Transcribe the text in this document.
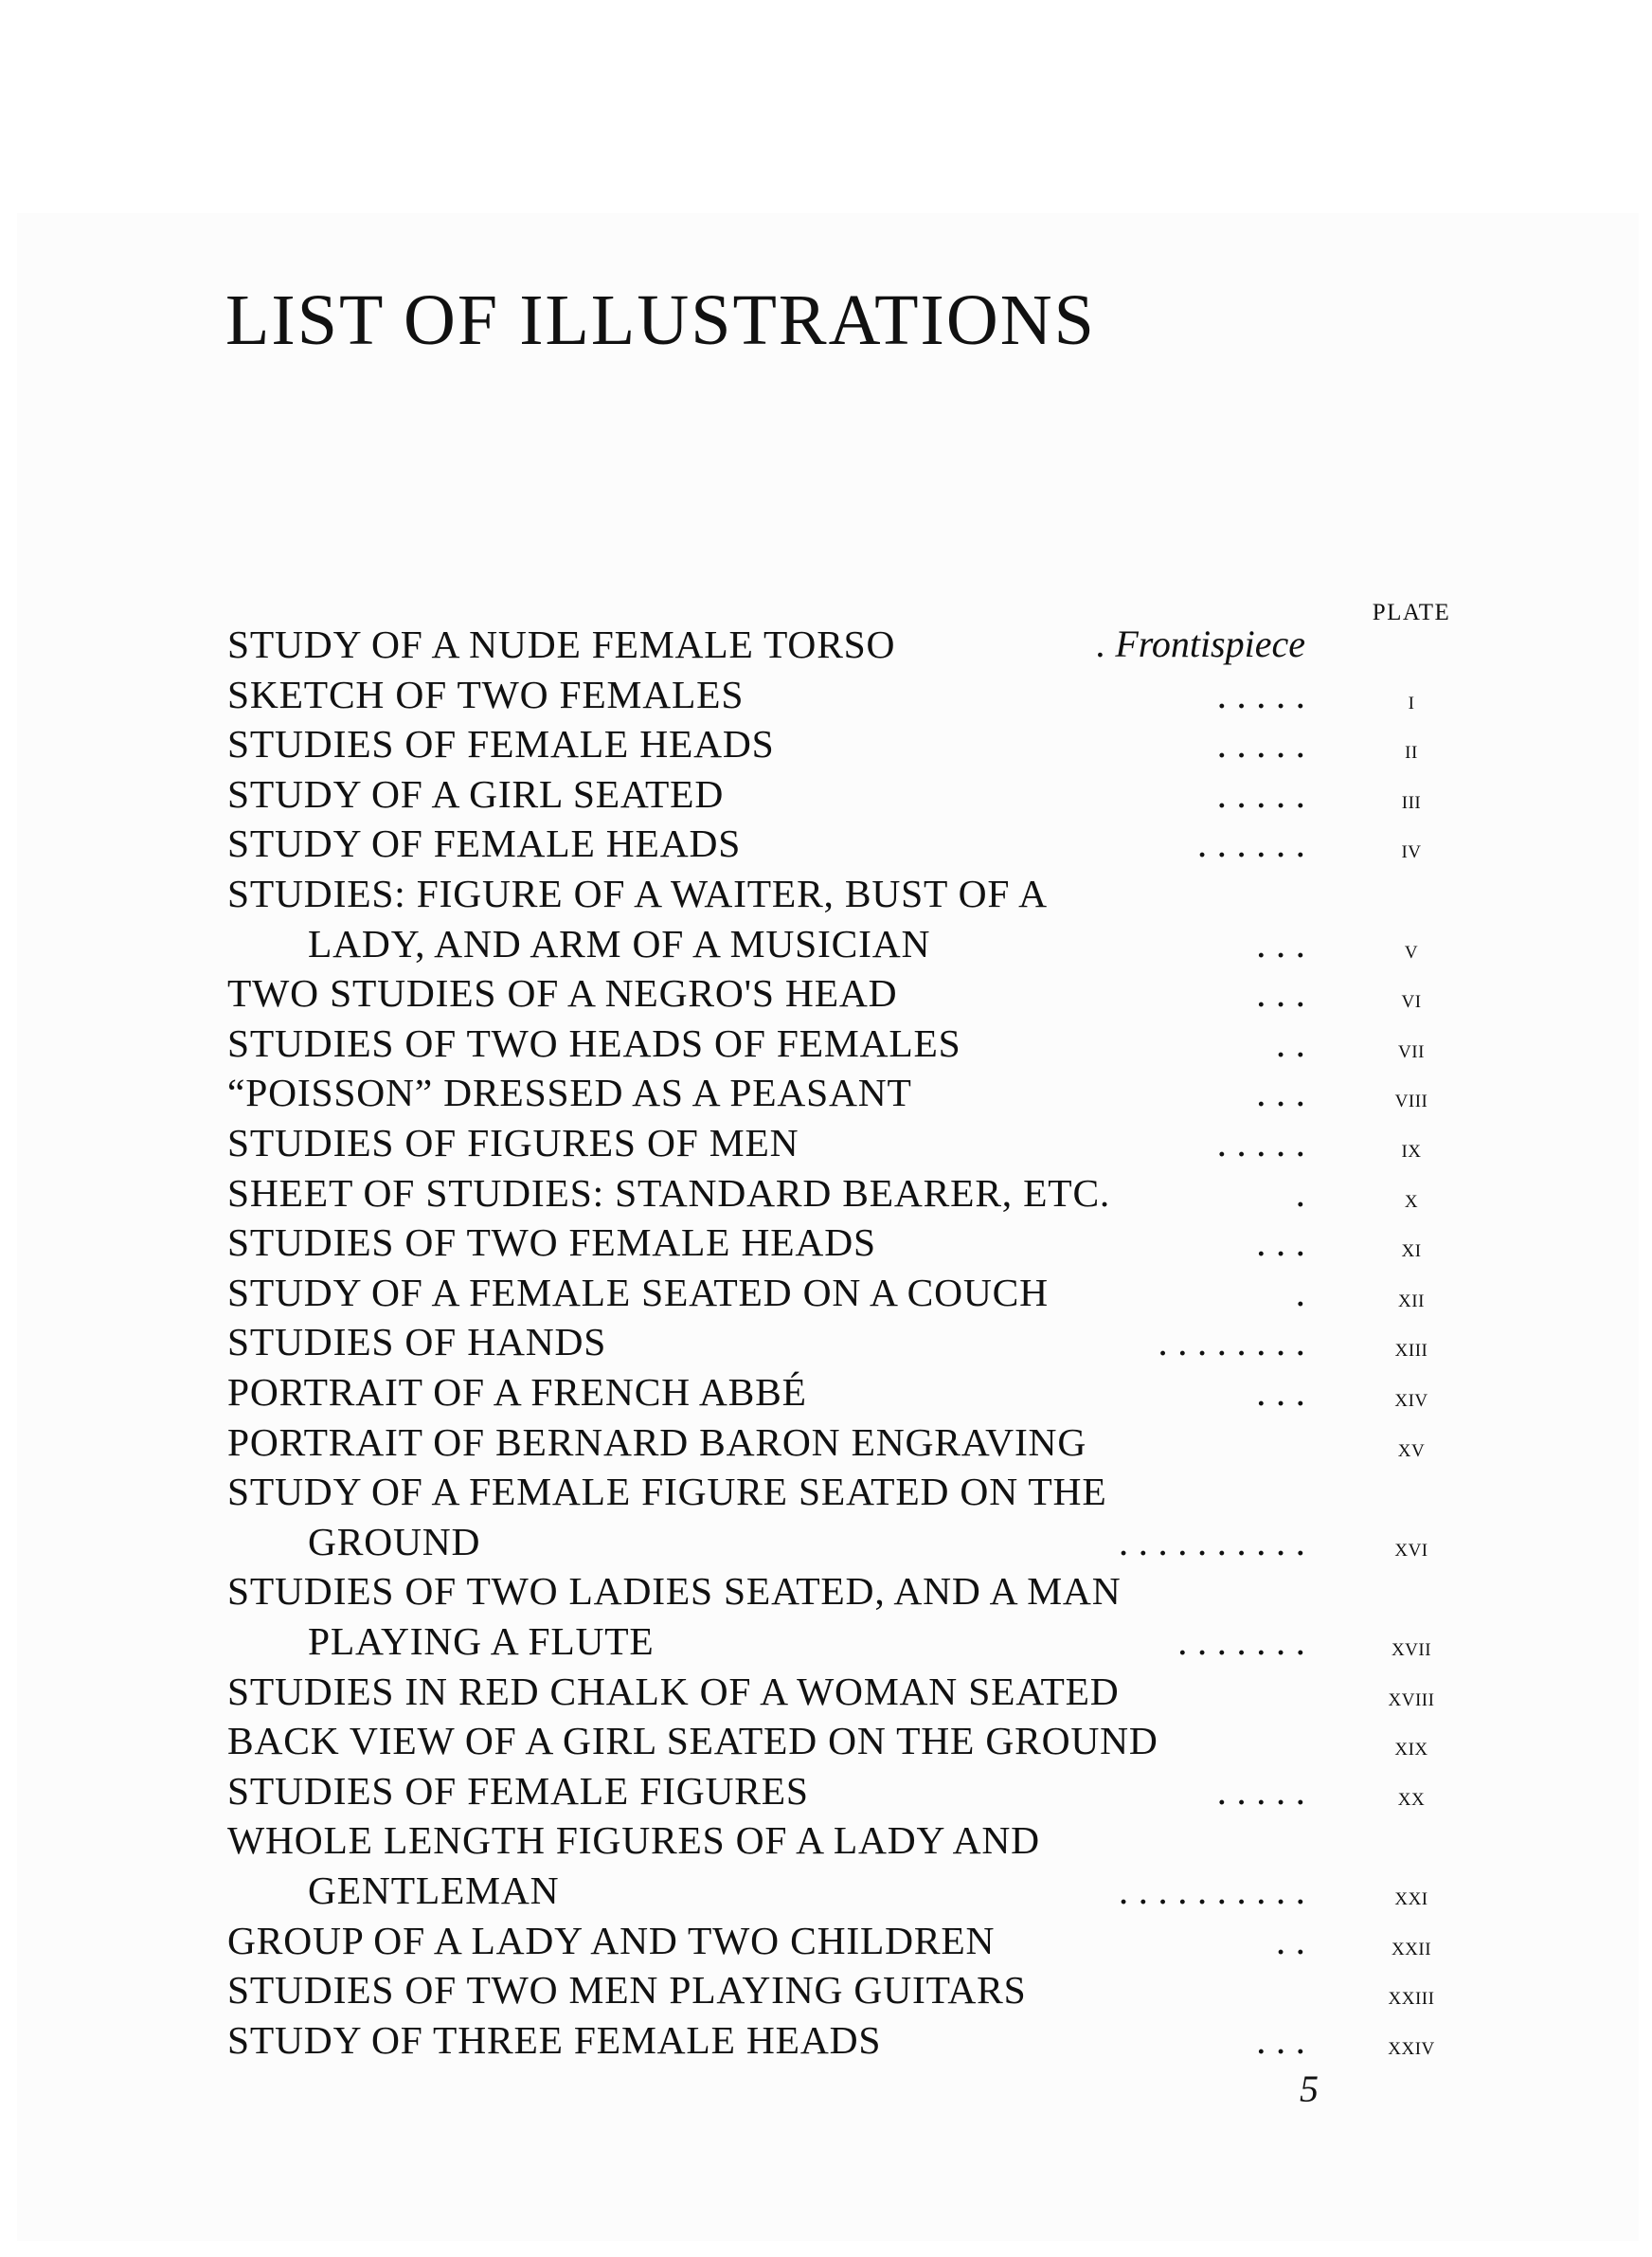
LIST OF ILLUSTRATIONS
PLATE
STUDY OF A NUDE FEMALE TORSO	. Frontispiece
SKETCH OF TWO FEMALES	. . . . .	i
STUDIES OF FEMALE HEADS	. . . . .	ii
STUDY OF A GIRL SEATED	. . . . .	iii
STUDY OF FEMALE HEADS	. . . . . .	iv
STUDIES: FIGURE OF A WAITER, BUST OF A
LADY, AND ARM OF A MUSICIAN	. . .	v
TWO STUDIES OF A NEGRO'S HEAD	. . .	vi
STUDIES OF TWO HEADS OF FEMALES	. .	vii
“POISSON” DRESSED AS A PEASANT	. . .	viii
STUDIES OF FIGURES OF MEN	. . . . .	ix
SHEET OF STUDIES: STANDARD BEARER, ETC.	.	x
STUDIES OF TWO FEMALE HEADS	. . .	xi
STUDY OF A FEMALE SEATED ON A COUCH	.	xii
STUDIES OF HANDS	. . . . . . . .	xiii
PORTRAIT OF A FRENCH ABBÉ	. . .	xiv
PORTRAIT OF BERNARD BARON ENGRAVING	xv
STUDY OF A FEMALE FIGURE SEATED ON THE
GROUND	. . . . . . . . . .	xvi
STUDIES OF TWO LADIES SEATED, AND A MAN
PLAYING A FLUTE	. . . . . . .	xvii
STUDIES IN RED CHALK OF A WOMAN SEATED	xviii
BACK VIEW OF A GIRL SEATED ON THE GROUND	xix
STUDIES OF FEMALE FIGURES	. . . . .	xx
WHOLE LENGTH FIGURES OF A LADY AND
GENTLEMAN	. . . . . . . . . .	xxi
GROUP OF A LADY AND TWO CHILDREN	. .	xxii
STUDIES OF TWO MEN PLAYING GUITARS	xxiii
STUDY OF THREE FEMALE HEADS	. . .	xxiv
5
